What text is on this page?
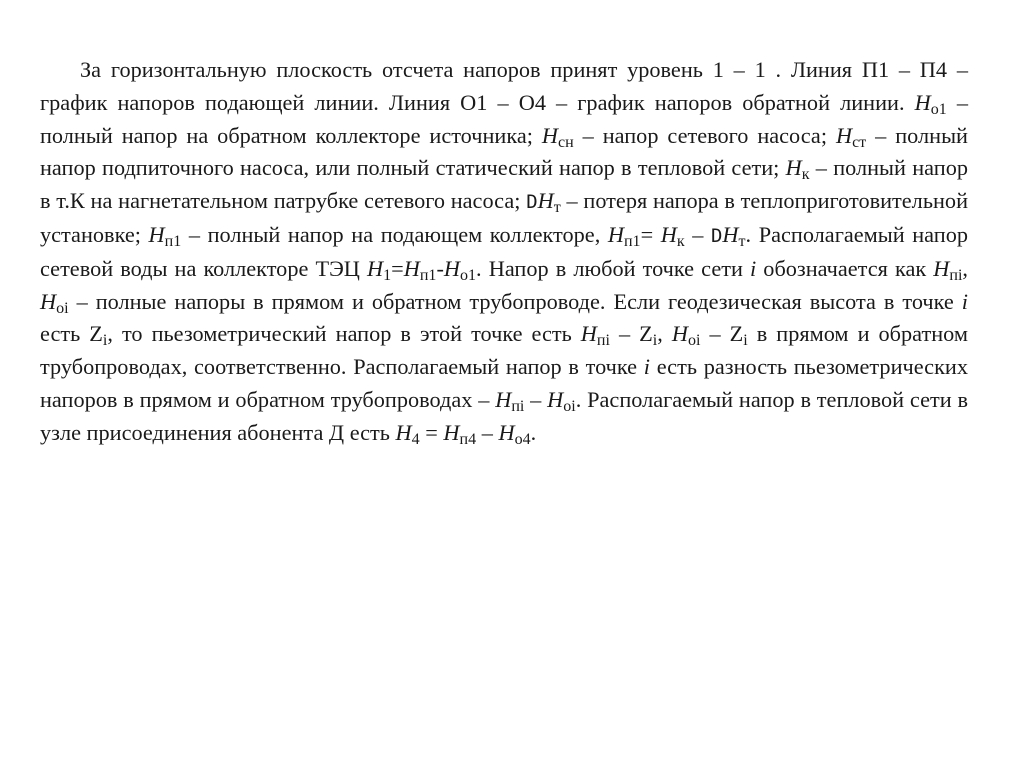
За горизонтальную плоскость отсчета напоров принят уровень 1 – 1 . Линия П1 – П4 – график напоров подающей линии. Линия О1 – О4 – график напоров обратной линии. $H_{o1}$ – полный напор на обратном коллекторе источника; $H_{сн}$ – напор сетевого насоса; $H_{ст}$ – полный напор подпиточного насоса, или полный статический напор в тепловой сети; $H_к$ – полный напор в т.К на нагнетательном патрубке сетевого насоса; $DH_т$ – потеря напора в теплоприготовительной установке; $H_{п1}$ – полный напор на подающем коллекторе, $H_{п1}= H_к - DH_т$. Располагаемый напор сетевой воды на коллекторе ТЭЦ $H_1=H_{п1}-H_{о1}$. Напор в любой точке сети i обозначается как $H_{пi}$, $H_{оi}$ – полные напоры в прямом и обратном трубопроводе. Если геодезическая высота в точке i есть $Z_i$, то пьезометрический напор в этой точке есть $H_{пi} - Z_i$, $H_{оi} - Z_i$ в прямом и обратном трубопроводах, соответственно. Располагаемый напор в точке i есть разность пьезометрических напоров в прямом и обратном трубопроводах – $H_{пi} - H_{оi}$. Располагаемый напор в тепловой сети в узле присоединения абонента Д есть $H_4 = H_{п4} - H_{о4}$.
